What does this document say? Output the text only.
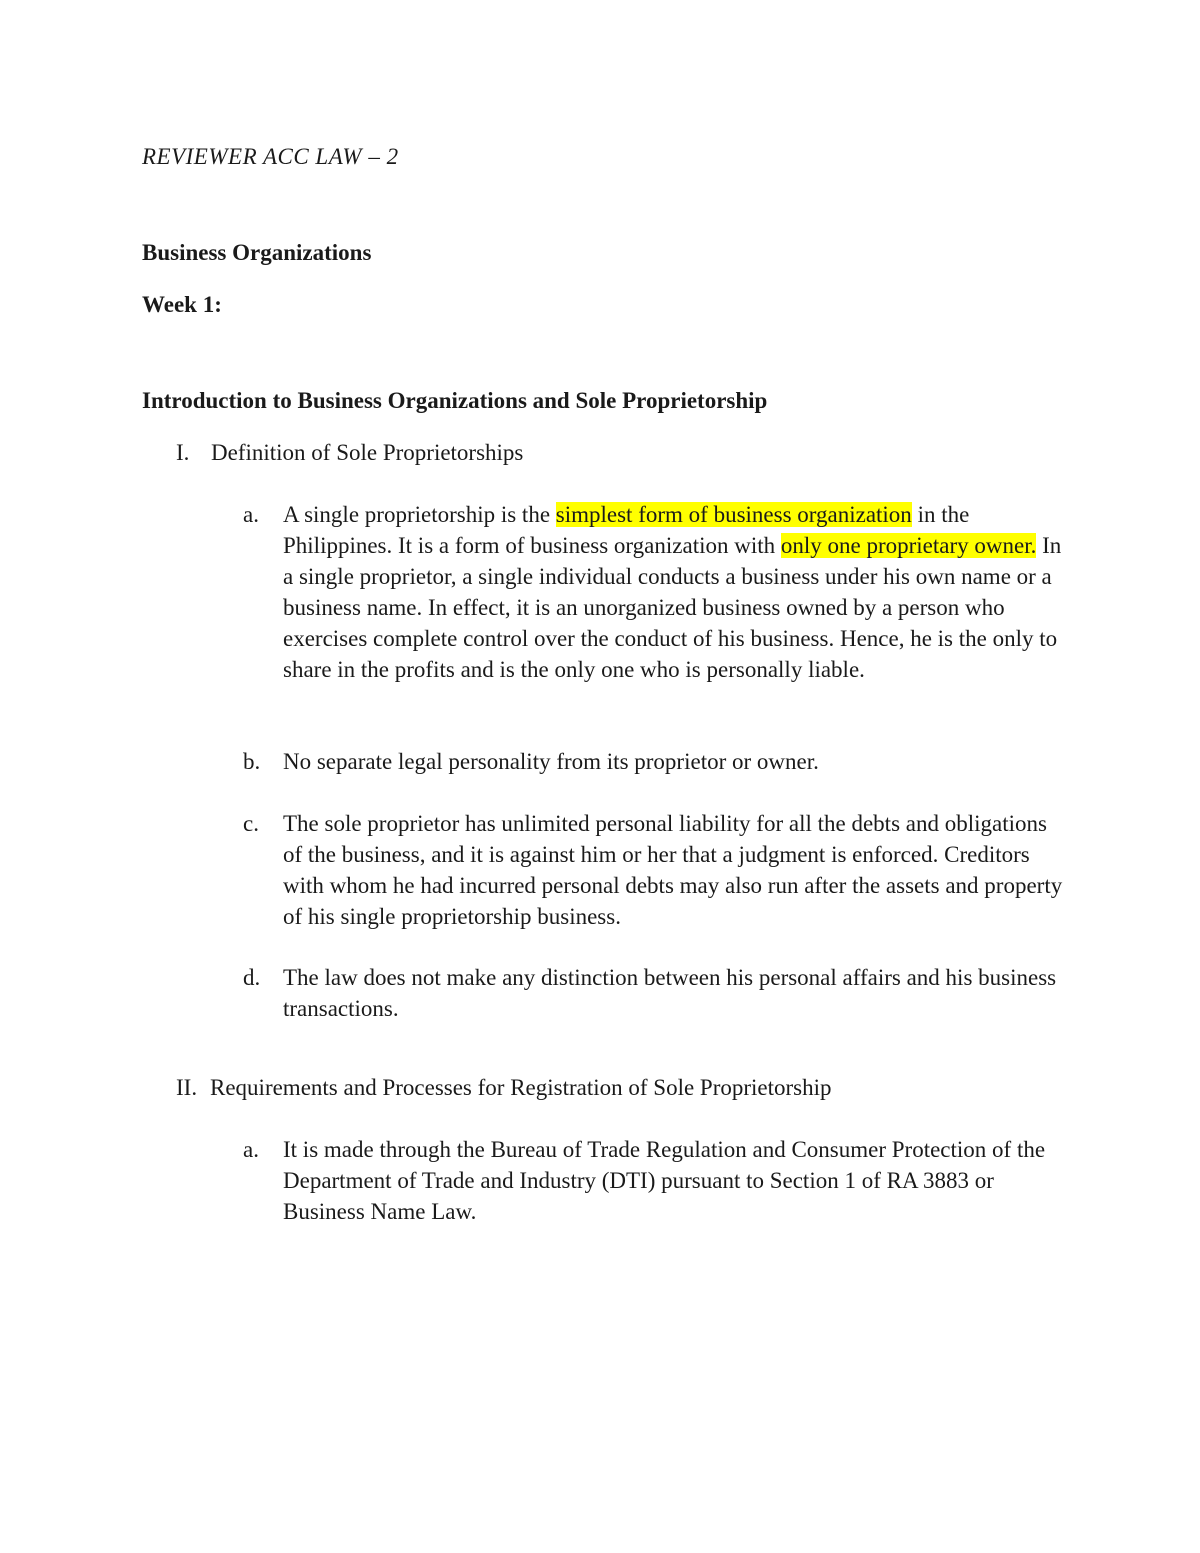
REVIEWER ACC LAW – 2
Business Organizations
Week 1:
Introduction to Business Organizations and Sole Proprietorship
I. Definition of Sole Proprietorships
a. A single proprietorship is the simplest form of business organization in the Philippines. It is a form of business organization with only one proprietary owner. In a single proprietor, a single individual conducts a business under his own name or a business name. In effect, it is an unorganized business owned by a person who exercises complete control over the conduct of his business. Hence, he is the only to share in the profits and is the only one who is personally liable.
b. No separate legal personality from its proprietor or owner.
c. The sole proprietor has unlimited personal liability for all the debts and obligations of the business, and it is against him or her that a judgment is enforced. Creditors with whom he had incurred personal debts may also run after the assets and property of his single proprietorship business.
d. The law does not make any distinction between his personal affairs and his business transactions.
II. Requirements and Processes for Registration of Sole Proprietorship
a. It is made through the Bureau of Trade Regulation and Consumer Protection of the Department of Trade and Industry (DTI) pursuant to Section 1 of RA 3883 or Business Name Law.
